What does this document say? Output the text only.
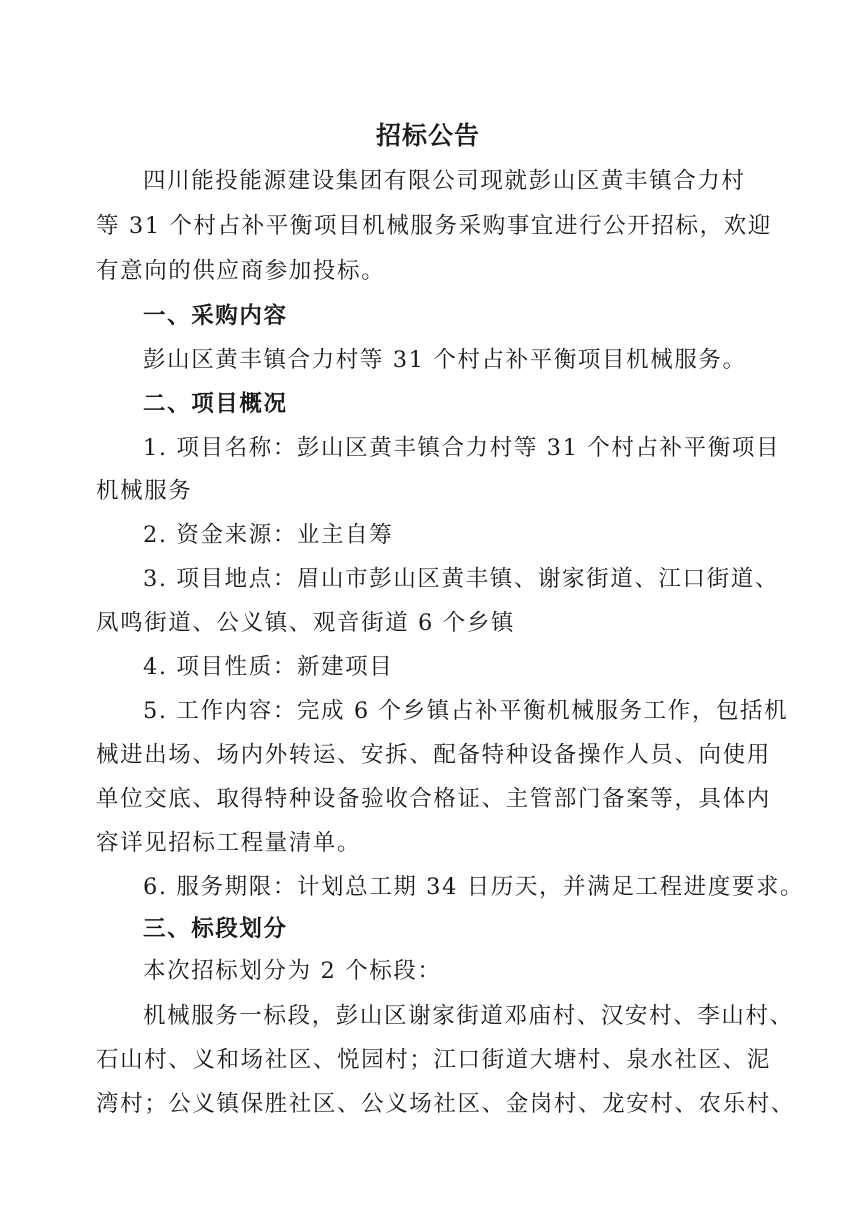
招标公告
四川能投能源建设集团有限公司现就彭山区黄丰镇合力村
等 31 个村占补平衡项目机械服务采购事宜进行公开招标，欢迎
有意向的供应商参加投标。
一、采购内容
彭山区黄丰镇合力村等 31 个村占补平衡项目机械服务。
二、项目概况
1. 项目名称：彭山区黄丰镇合力村等 31 个村占补平衡项目
机械服务
2. 资金来源：业主自筹
3. 项目地点：眉山市彭山区黄丰镇、谢家街道、江口街道、
凤鸣街道、公义镇、观音街道 6 个乡镇
4. 项目性质：新建项目
5. 工作内容：完成 6 个乡镇占补平衡机械服务工作，包括机
械进出场、场内外转运、安拆、配备特种设备操作人员、向使用
单位交底、取得特种设备验收合格证、主管部门备案等，具体内
容详见招标工程量清单。
6. 服务期限：计划总工期 34 日历天，并满足工程进度要求。
三、标段划分
本次招标划分为 2 个标段：
机械服务一标段，彭山区谢家街道邓庙村、汉安村、李山村、
石山村、义和场社区、悦园村；江口街道大塘村、泉水社区、泥
湾村；公义镇保胜社区、公义场社区、金岗村、龙安村、农乐村、
